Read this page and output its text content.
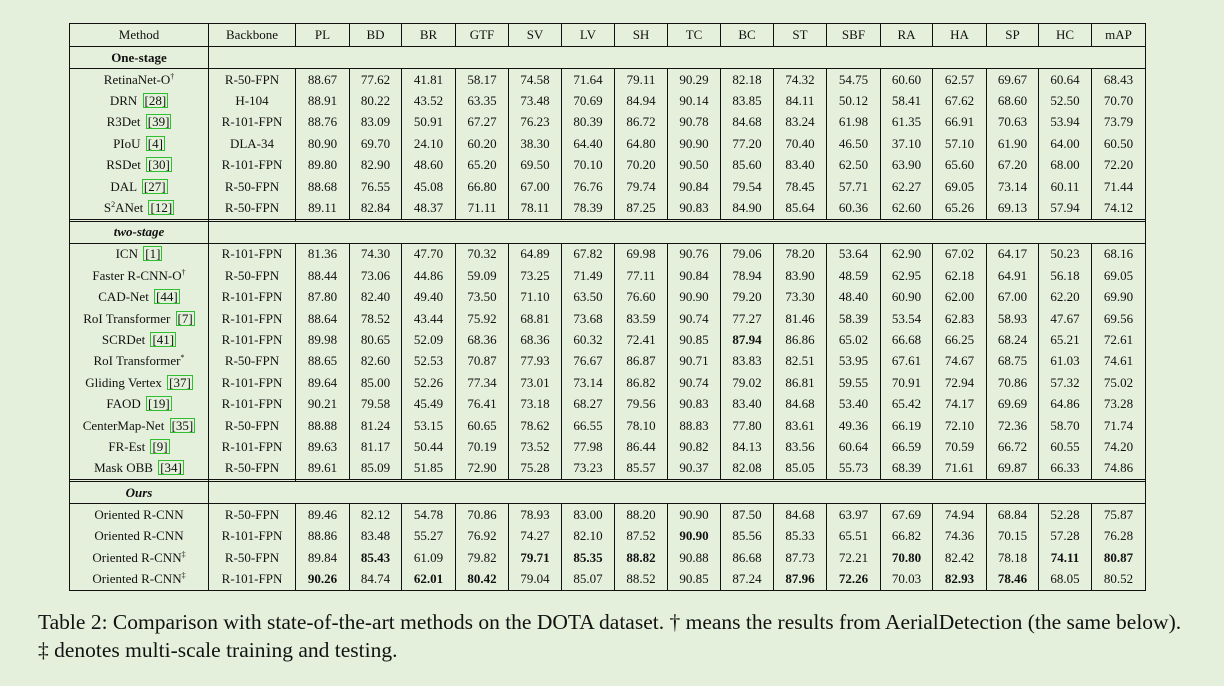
Method	Backbone	PL	BD	BR	GTF	SV	LV	SH	TC	BC	ST	SBF	RA	HA	SP	HC	mAP
One-stage																	
RetinaNet-O†	R-50-FPN	88.67	77.62	41.81	58.17	74.58	71.64	79.11	90.29	82.18	74.32	54.75	60.60	62.57	69.67	60.64	68.43
DRN [28]	H-104	88.91	80.22	43.52	63.35	73.48	70.69	84.94	90.14	83.85	84.11	50.12	58.41	67.62	68.60	52.50	70.70
R3Det [39]	R-101-FPN	88.76	83.09	50.91	67.27	76.23	80.39	86.72	90.78	84.68	83.24	61.98	61.35	66.91	70.63	53.94	73.79
PIoU [4]	DLA-34	80.90	69.70	24.10	60.20	38.30	64.40	64.80	90.90	77.20	70.40	46.50	37.10	57.10	61.90	64.00	60.50
RSDet [30]	R-101-FPN	89.80	82.90	48.60	65.20	69.50	70.10	70.20	90.50	85.60	83.40	62.50	63.90	65.60	67.20	68.00	72.20
DAL [27]	R-50-FPN	88.68	76.55	45.08	66.80	67.00	76.76	79.74	90.84	79.54	78.45	57.71	62.27	69.05	73.14	60.11	71.44
$S^2ANet$ [12]	R-50-FPN	89.11	82.84	48.37	71.11	78.11	78.39	87.25	90.83	84.90	85.64	60.36	62.60	65.26	69.13	57.94	74.12

two-stage																	
ICN [1]	R-101-FPN	81.36	74.30	47.70	70.32	64.89	67.82	69.98	90.76	79.06	78.20	53.64	62.90	67.02	64.17	50.23	68.16
Faster R-CNN-O†	R-50-FPN	88.44	73.06	44.86	59.09	73.25	71.49	77.11	90.84	78.94	83.90	48.59	62.95	62.18	64.91	56.18	69.05
CAD-Net [44]	R-101-FPN	87.80	82.40	49.40	73.50	71.10	63.50	76.60	90.90	79.20	73.30	48.40	60.90	62.00	67.00	62.20	69.90
RoI Transformer [7]	R-101-FPN	88.64	78.52	43.44	75.92	68.81	73.68	83.59	90.74	77.27	81.46	58.39	53.54	62.83	58.93	47.67	69.56
SCRDet [41]	R-101-FPN	89.98	80.65	52.09	68.36	68.36	60.32	72.41	90.85	87.94	86.86	65.02	66.68	66.25	68.24	65.21	72.61
RoI Transformer*	R-50-FPN	88.65	82.60	52.53	70.87	77.93	76.67	86.87	90.71	83.83	82.51	53.95	67.61	74.67	68.75	61.03	74.61
Gliding Vertex [37]	R-101-FPN	89.64	85.00	52.26	77.34	73.01	73.14	86.82	90.74	79.02	86.81	59.55	70.91	72.94	70.86	57.32	75.02
FAOD [19]	R-101-FPN	90.21	79.58	45.49	76.41	73.18	68.27	79.56	90.83	83.40	84.68	53.40	65.42	74.17	69.69	64.86	73.28
CenterMap-Net [35]	R-50-FPN	88.88	81.24	53.15	60.65	78.62	66.55	78.10	88.83	77.80	83.61	49.36	66.19	72.10	72.36	58.70	71.74
FR-Est [9]	R-101-FPN	89.63	81.17	50.44	70.19	73.52	77.98	86.44	90.82	84.13	83.56	60.64	66.59	70.59	66.72	60.55	74.20
Mask OBB [34]	R-50-FPN	89.61	85.09	51.85	72.90	75.28	73.23	85.57	90.37	82.08	85.05	55.73	68.39	71.61	69.87	66.33	74.86

Ours																	
Oriented R-CNN	R-50-FPN	89.46	82.12	54.78	70.86	78.93	83.00	88.20	90.90	87.50	84.68	63.97	67.69	74.94	68.84	52.28	75.87
Oriented R-CNN	R-101-FPN	88.86	83.48	55.27	76.92	74.27	82.10	87.52	90.90	85.56	85.33	65.51	66.82	74.36	70.15	57.28	76.28
Oriented R-CNN‡	R-50-FPN	89.84	85.43	61.09	79.82	79.71	85.35	88.82	90.88	86.68	87.73	72.21	70.80	82.42	78.18	74.11	80.87
Oriented R-CNN‡	R-101-FPN	90.26	84.74	62.01	80.42	79.04	85.07	88.52	90.85	87.24	87.96	72.26	70.03	82.93	78.46	68.05	80.52
Table 2: Comparison with state-of-the-art methods on the DOTA dataset. † means the results from AerialDetection (the same below). ‡ denotes multi-scale training and testing.
